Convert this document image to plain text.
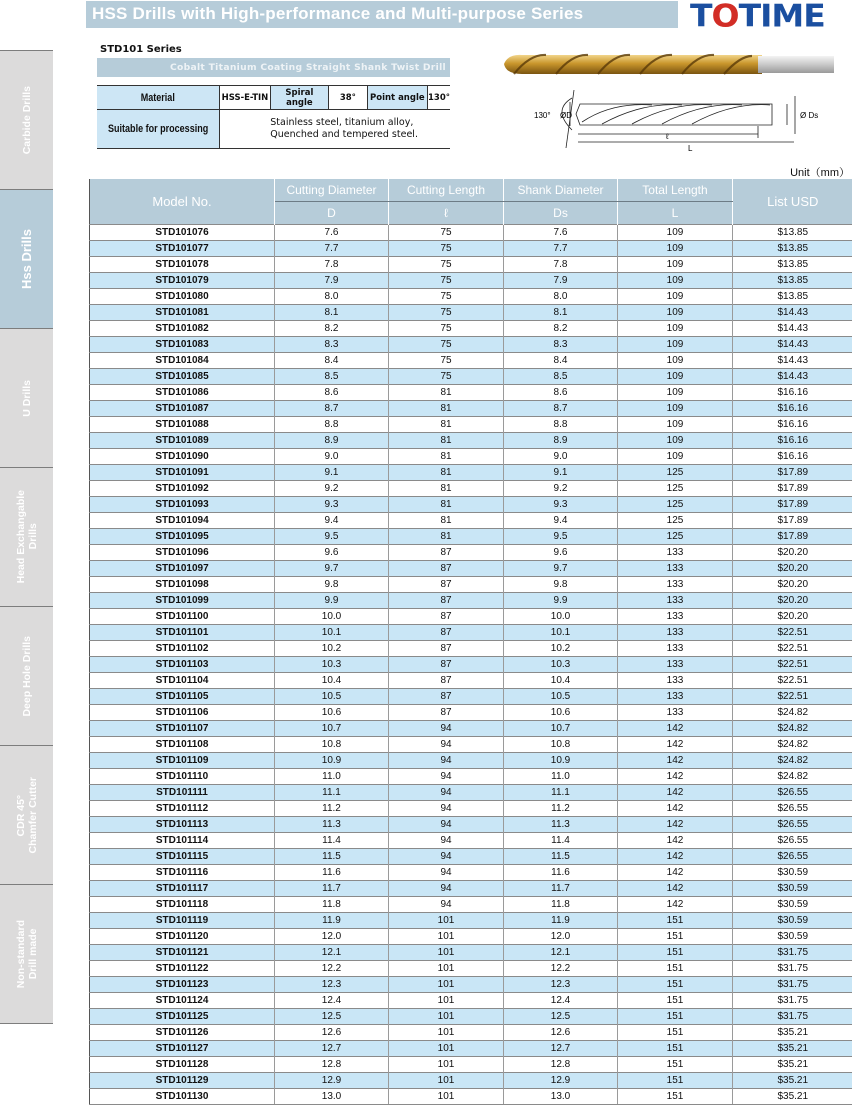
HSS Drills with High-performance and Multi-purpose Series	TOTIME
Carbide Drills
Hss Drills
U Drills
Head Exchangable
Drills
Deep Hole Drills
CDR 45°
Chamfer Cutter
Non-standard
Drill made
STD101 Series
Cobalt Titanium Coating Straight Shank Twist Drill
Material	HSS-E-TIN	Spiral angle	38°	Point angle	130°
Suitable for processing	Stainless steel, titanium alloy,
Quenched and tempered steel.				
130° ØD	Ø Ds
ℓ
L
Unit（mm）
Model No.	Cutting Diameter	Cutting Length	Shank Diameter	Total Length	List USD
	D	ℓ	Ds	L	
STD101076	7.6	75	7.6	109	$13.85
STD101077	7.7	75	7.7	109	$13.85
STD101078	7.8	75	7.8	109	$13.85
STD101079	7.9	75	7.9	109	$13.85
STD101080	8.0	75	8.0	109	$13.85
STD101081	8.1	75	8.1	109	$14.43
STD101082	8.2	75	8.2	109	$14.43
STD101083	8.3	75	8.3	109	$14.43
STD101084	8.4	75	8.4	109	$14.43
STD101085	8.5	75	8.5	109	$14.43
STD101086	8.6	81	8.6	109	$16.16
STD101087	8.7	81	8.7	109	$16.16
STD101088	8.8	81	8.8	109	$16.16
STD101089	8.9	81	8.9	109	$16.16
STD101090	9.0	81	9.0	109	$16.16
STD101091	9.1	81	9.1	125	$17.89
STD101092	9.2	81	9.2	125	$17.89
STD101093	9.3	81	9.3	125	$17.89
STD101094	9.4	81	9.4	125	$17.89
STD101095	9.5	81	9.5	125	$17.89
STD101096	9.6	87	9.6	133	$20.20
STD101097	9.7	87	9.7	133	$20.20
STD101098	9.8	87	9.8	133	$20.20
STD101099	9.9	87	9.9	133	$20.20
STD101100	10.0	87	10.0	133	$20.20
STD101101	10.1	87	10.1	133	$22.51
STD101102	10.2	87	10.2	133	$22.51
STD101103	10.3	87	10.3	133	$22.51
STD101104	10.4	87	10.4	133	$22.51
STD101105	10.5	87	10.5	133	$22.51
STD101106	10.6	87	10.6	133	$24.82
STD101107	10.7	94	10.7	142	$24.82
STD101108	10.8	94	10.8	142	$24.82
STD101109	10.9	94	10.9	142	$24.82
STD101110	11.0	94	11.0	142	$24.82
STD101111	11.1	94	11.1	142	$26.55
STD101112	11.2	94	11.2	142	$26.55
STD101113	11.3	94	11.3	142	$26.55
STD101114	11.4	94	11.4	142	$26.55
STD101115	11.5	94	11.5	142	$26.55
STD101116	11.6	94	11.6	142	$30.59
STD101117	11.7	94	11.7	142	$30.59
STD101118	11.8	94	11.8	142	$30.59
STD101119	11.9	101	11.9	151	$30.59
STD101120	12.0	101	12.0	151	$30.59
STD101121	12.1	101	12.1	151	$31.75
STD101122	12.2	101	12.2	151	$31.75
STD101123	12.3	101	12.3	151	$31.75
STD101124	12.4	101	12.4	151	$31.75
STD101125	12.5	101	12.5	151	$31.75
STD101126	12.6	101	12.6	151	$35.21
STD101127	12.7	101	12.7	151	$35.21
STD101128	12.8	101	12.8	151	$35.21
STD101129	12.9	101	12.9	151	$35.21
STD101130	13.0	101	13.0	151	$35.21
